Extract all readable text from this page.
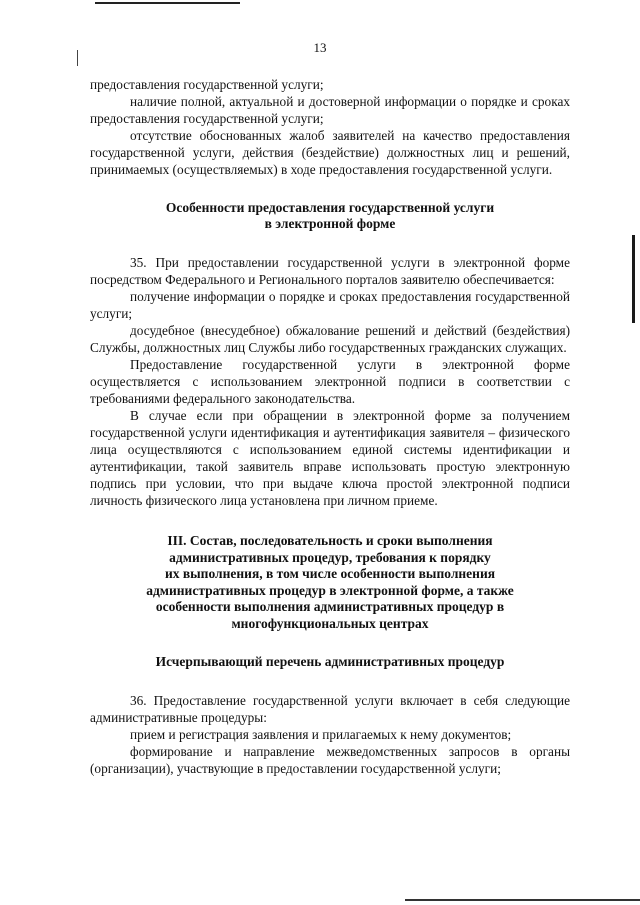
13

предоставления государственной услуги;

наличие полной, актуальной и достоверной информации о порядке и сроках предоставления государственной услуги;

отсутствие обоснованных жалоб заявителей на качество предоставления государственной услуги, действия (бездействие) должностных лиц и решений, принимаемых (осуществляемых) в ходе предоставления государственной услуги.

Особенности предоставления государственной услуги
в электронной форме

35. При предоставлении государственной услуги в электронной форме посредством Федерального и Регионального порталов заявителю обеспечивается:

получение информации о порядке и сроках предоставления государственной услуги;

досудебное (внесудебное) обжалование решений и действий (бездействия) Службы, должностных лиц Службы либо государственных гражданских служащих.

Предоставление государственной услуги в электронной форме осуществляется с использованием электронной подписи в соответствии с требованиями федерального законодательства.

В случае если при обращении в электронной форме за получением государственной услуги идентификация и аутентификация заявителя – физического лица осуществляются с использованием единой системы идентификации и аутентификации, такой заявитель вправе использовать простую электронную подпись при условии, что при выдаче ключа простой электронной подписи личность физического лица установлена при личном приеме.

III. Состав, последовательность и сроки выполнения
административных процедур, требования к порядку
их выполнения, в том числе особенности выполнения
административных процедур в электронной форме, а также
особенности выполнения административных процедур в
многофункциональных центрах
Исчерпывающий перечень административных процедур

36. Предоставление государственной услуги включает в себя следующие административные процедуры:

прием и регистрация заявления и прилагаемых к нему документов;

формирование и направление межведомственных запросов в органы (организации), участвующие в предоставлении государственной услуги;
